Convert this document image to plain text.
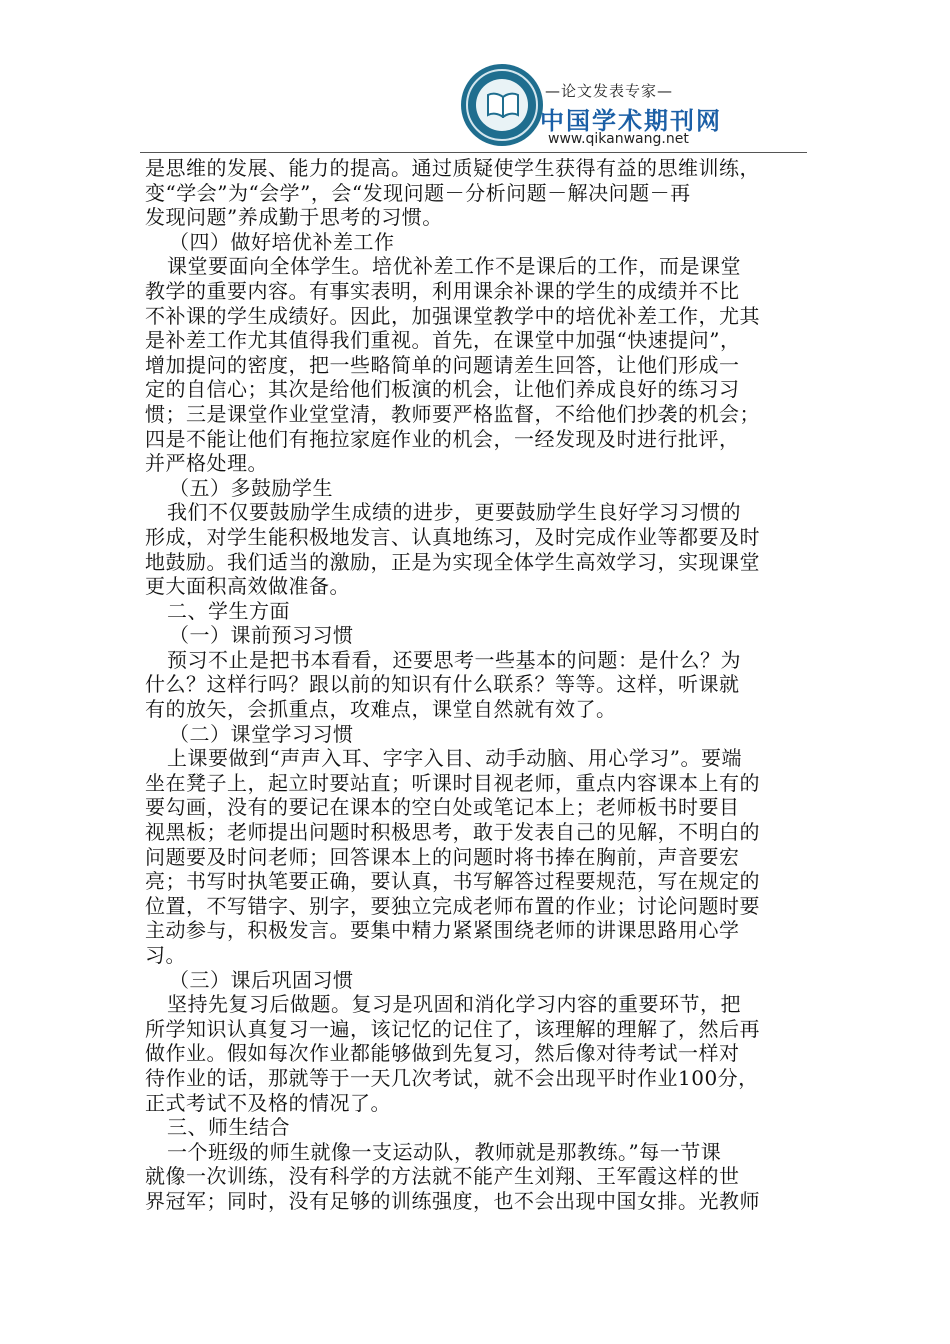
—论文发表专家—
中国学术期刊网
www.qikanwang.net
是思维的发展、能力的提高。通过质疑使学生获得有益的思维训练，
变“学会”为“会学”，会“发现问题－分析问题－解决问题－再
发现问题”养成勤于思考的习惯。
（四）做好培优补差工作
课堂要面向全体学生。培优补差工作不是课后的工作，而是课堂
教学的重要内容。有事实表明，利用课余补课的学生的成绩并不比
不补课的学生成绩好。因此，加强课堂教学中的培优补差工作，尤其
是补差工作尤其值得我们重视。首先，在课堂中加强“快速提问”，
增加提问的密度，把一些略简单的问题请差生回答，让他们形成一
定的自信心；其次是给他们板演的机会，让他们养成良好的练习习
惯；三是课堂作业堂堂清，教师要严格监督，不给他们抄袭的机会；
四是不能让他们有拖拉家庭作业的机会，一经发现及时进行批评，
并严格处理。
（五）多鼓励学生
我们不仅要鼓励学生成绩的进步，更要鼓励学生良好学习习惯的
形成，对学生能积极地发言、认真地练习，及时完成作业等都要及时
地鼓励。我们适当的激励，正是为实现全体学生高效学习，实现课堂
更大面积高效做准备。
二、学生方面
（一）课前预习习惯
预习不止是把书本看看，还要思考一些基本的问题：是什么？为
什么？这样行吗？跟以前的知识有什么联系？等等。这样，听课就
有的放矢，会抓重点，攻难点，课堂自然就有效了。
（二）课堂学习习惯
上课要做到“声声入耳、字字入目、动手动脑、用心学习”。要端
坐在凳子上，起立时要站直；听课时目视老师，重点内容课本上有的
要勾画，没有的要记在课本的空白处或笔记本上；老师板书时要目
视黑板；老师提出问题时积极思考，敢于发表自己的见解，不明白的
问题要及时问老师；回答课本上的问题时将书捧在胸前，声音要宏
亮；书写时执笔要正确，要认真，书写解答过程要规范，写在规定的
位置，不写错字、别字，要独立完成老师布置的作业；讨论问题时要
主动参与，积极发言。要集中精力紧紧围绕老师的讲课思路用心学
习。
（三）课后巩固习惯
坚持先复习后做题。复习是巩固和消化学习内容的重要环节，把
所学知识认真复习一遍，该记忆的记住了，该理解的理解了，然后再
做作业。假如每次作业都能够做到先复习，然后像对待考试一样对
待作业的话，那就等于一天几次考试，就不会出现平时作业100分，
正式考试不及格的情况了。
三、师生结合
一个班级的师生就像一支运动队，教师就是那教练。”每一节课
就像一次训练，没有科学的方法就不能产生刘翔、王军霞这样的世
界冠军；同时，没有足够的训练强度，也不会出现中国女排。光教师
